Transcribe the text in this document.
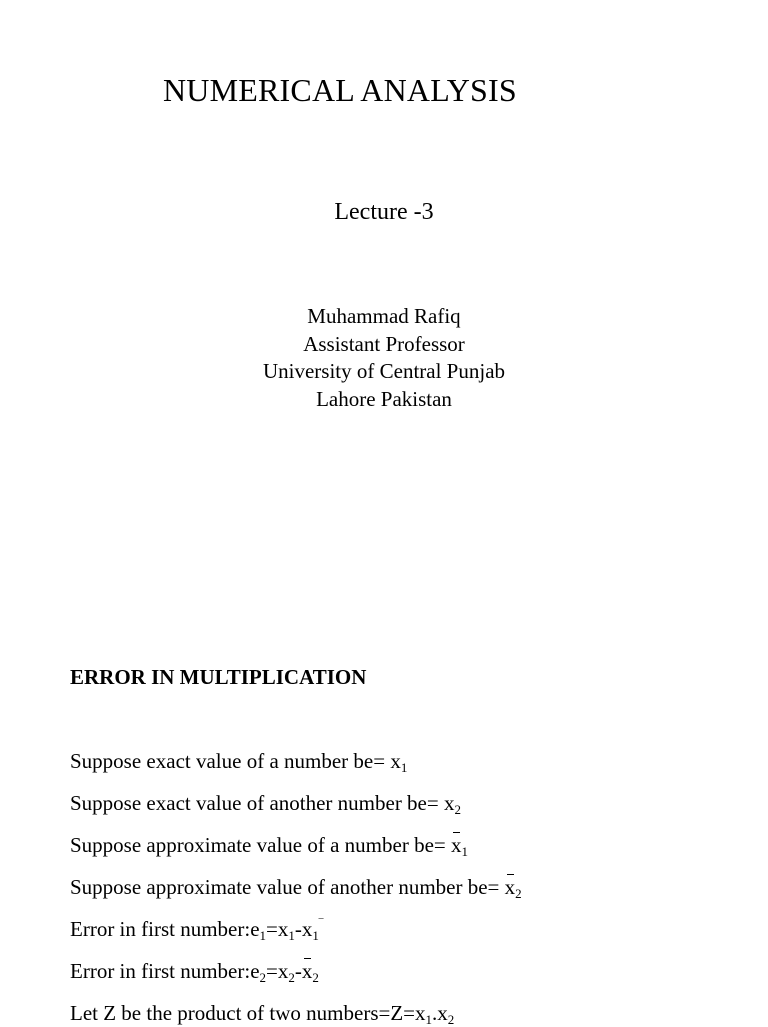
NUMERICAL ANALYSIS
Lecture -3
Muhammad Rafiq
Assistant Professor
University of Central Punjab
Lahore Pakistan
ERROR IN MULTIPLICATION
Suppose exact value of a number $be= x_1$
Suppose exact value of another number $be= x_2$
Suppose approximate value of a number $be= x_1$
Suppose approximate value of another number $be= x_2$
Error in first $number:e_1=x_1-x_1‾$
Error in first $number:e_2=x_2-x_2$
Let Z be the product of two $numbers=Z=x_1.x_2$
